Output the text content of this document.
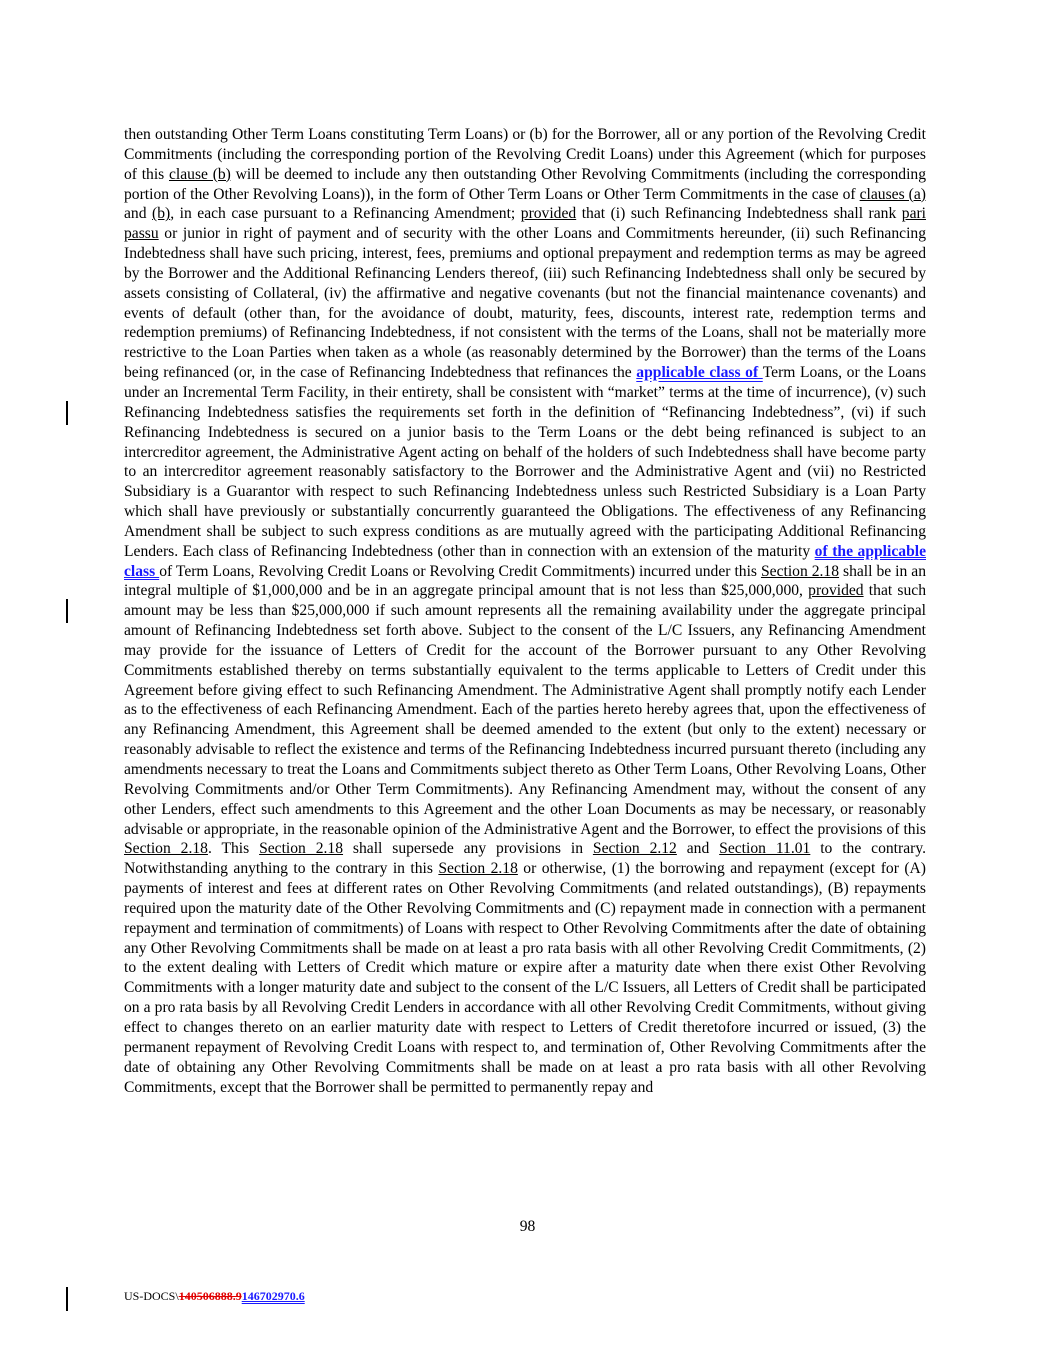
then outstanding Other Term Loans constituting Term Loans) or (b) for the Borrower, all or any portion of the Revolving Credit Commitments (including the corresponding portion of the Revolving Credit Loans) under this Agreement (which for purposes of this clause (b) will be deemed to include any then outstanding Other Revolving Commitments (including the corresponding portion of the Other Revolving Loans)), in the form of Other Term Loans or Other Term Commitments in the case of clauses (a) and (b), in each case pursuant to a Refinancing Amendment; provided that (i) such Refinancing Indebtedness shall rank pari passu or junior in right of payment and of security with the other Loans and Commitments hereunder, (ii) such Refinancing Indebtedness shall have such pricing, interest, fees, premiums and optional prepayment and redemption terms as may be agreed by the Borrower and the Additional Refinancing Lenders thereof, (iii) such Refinancing Indebtedness shall only be secured by assets consisting of Collateral, (iv) the affirmative and negative covenants (but not the financial maintenance covenants) and events of default (other than, for the avoidance of doubt, maturity, fees, discounts, interest rate, redemption terms and redemption premiums) of Refinancing Indebtedness, if not consistent with the terms of the Loans, shall not be materially more restrictive to the Loan Parties when taken as a whole (as reasonably determined by the Borrower) than the terms of the Loans being refinanced (or, in the case of Refinancing Indebtedness that refinances the applicable class of Term Loans, or the Loans under an Incremental Term Facility, in their entirety, shall be consistent with “market” terms at the time of incurrence), (v) such Refinancing Indebtedness satisfies the requirements set forth in the definition of “Refinancing Indebtedness”, (vi) if such Refinancing Indebtedness is secured on a junior basis to the Term Loans or the debt being refinanced is subject to an intercreditor agreement, the Administrative Agent acting on behalf of the holders of such Indebtedness shall have become party to an intercreditor agreement reasonably satisfactory to the Borrower and the Administrative Agent and (vii) no Restricted Subsidiary is a Guarantor with respect to such Refinancing Indebtedness unless such Restricted Subsidiary is a Loan Party which shall have previously or substantially concurrently guaranteed the Obligations. The effectiveness of any Refinancing Amendment shall be subject to such express conditions as are mutually agreed with the participating Additional Refinancing Lenders. Each class of Refinancing Indebtedness (other than in connection with an extension of the maturity of the applicable class of Term Loans, Revolving Credit Loans or Revolving Credit Commitments) incurred under this Section 2.18 shall be in an integral multiple of $1,000,000 and be in an aggregate principal amount that is not less than $25,000,000, provided that such amount may be less than $25,000,000 if such amount represents all the remaining availability under the aggregate principal amount of Refinancing Indebtedness set forth above. Subject to the consent of the L/C Issuers, any Refinancing Amendment may provide for the issuance of Letters of Credit for the account of the Borrower pursuant to any Other Revolving Commitments established thereby on terms substantially equivalent to the terms applicable to Letters of Credit under this Agreement before giving effect to such Refinancing Amendment. The Administrative Agent shall promptly notify each Lender as to the effectiveness of each Refinancing Amendment. Each of the parties hereto hereby agrees that, upon the effectiveness of any Refinancing Amendment, this Agreement shall be deemed amended to the extent (but only to the extent) necessary or reasonably advisable to reflect the existence and terms of the Refinancing Indebtedness incurred pursuant thereto (including any amendments necessary to treat the Loans and Commitments subject thereto as Other Term Loans, Other Revolving Loans, Other Revolving Commitments and/or Other Term Commitments). Any Refinancing Amendment may, without the consent of any other Lenders, effect such amendments to this Agreement and the other Loan Documents as may be necessary, or reasonably advisable or appropriate, in the reasonable opinion of the Administrative Agent and the Borrower, to effect the provisions of this Section 2.18. This Section 2.18 shall supersede any provisions in Section 2.12 and Section 11.01 to the contrary. Notwithstanding anything to the contrary in this Section 2.18 or otherwise, (1) the borrowing and repayment (except for (A) payments of interest and fees at different rates on Other Revolving Commitments (and related outstandings), (B) repayments required upon the maturity date of the Other Revolving Commitments and (C) repayment made in connection with a permanent repayment and termination of commitments) of Loans with respect to Other Revolving Commitments after the date of obtaining any Other Revolving Commitments shall be made on at least a pro rata basis with all other Revolving Credit Commitments, (2) to the extent dealing with Letters of Credit which mature or expire after a maturity date when there exist Other Revolving Commitments with a longer maturity date and subject to the consent of the L/C Issuers, all Letters of Credit shall be participated on a pro rata basis by all Revolving Credit Lenders in accordance with all other Revolving Credit Commitments, without giving effect to changes thereto on an earlier maturity date with respect to Letters of Credit theretofore incurred or issued, (3) the permanent repayment of Revolving Credit Loans with respect to, and termination of, Other Revolving Commitments after the date of obtaining any Other Revolving Commitments shall be made on at least a pro rata basis with all other Revolving Commitments, except that the Borrower shall be permitted to permanently repay and
98
US-DOCS\140506888.9146702970.6
